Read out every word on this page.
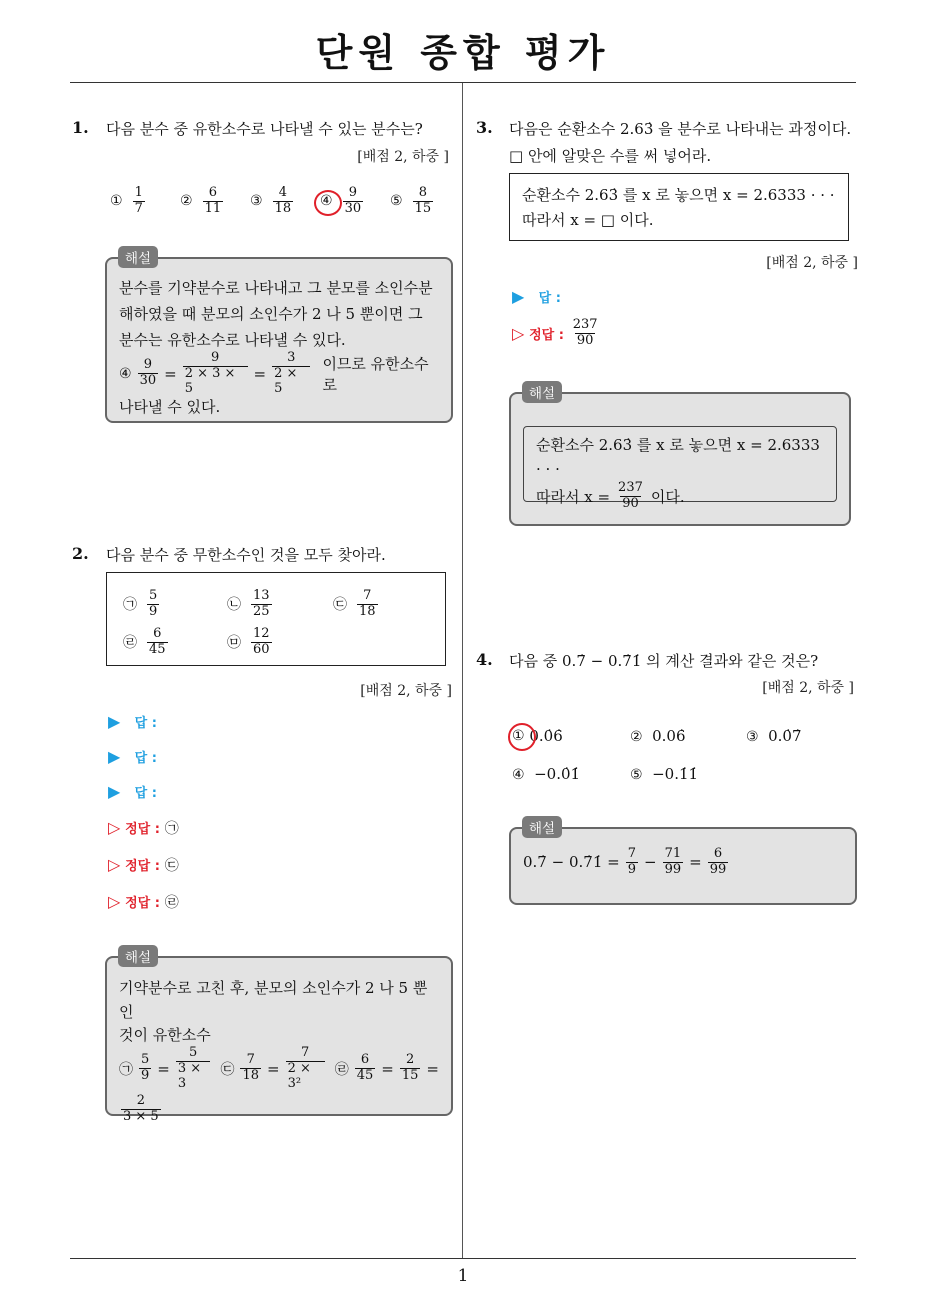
단원 종합 평가
1
1. 다음 분수 중 유한소수로 나타낼 수 있는 분수는?
[배점 2, 하중 ]
① $\frac{1}{7}$	② $\frac{6}{11}$ ③ $\frac{4}{18}$ ④ $\frac{9}{30}$ ⑤ $\frac{8}{15}$
분수를 기약분수로 나타내고 그 분모를 소인수분해하였을 때 분모의 소인수가 2 나 5 뿐이면 그 분수는 유한소수로 나타낼 수 있다.
④ $\frac{9}{30} = \frac{9}{2 \times 3 \times 5} = \frac{3}{2 \times 5}$ 이므로 유한소수로
나타낼 수 있다.
해설
2. 다음 분수 중 무한소수인 것을 모두 찾아라.
㉠ $\frac{5}{9}$	㉡ $\frac{13}{25}$	㉢ $\frac{7}{18}$
㉣ $\frac{6}{45}$	㉤ $\frac{12}{60}$
[배점 2, 하중 ]
▶ 답 :
▶ 답 :
▶ 답 :
▷ 정답 : ㉠
▷ 정답 : ㉢
▷ 정답 : ㉣
기약분수로 고친 후, 분모의 소인수가 2 나 5 뿐인
것이 유한소수
㉠ $\frac{5}{9} = \frac{5}{3 \times 3}$ ㉢ $\frac{7}{18} = \frac{7}{\text{2 × 3²}}$ ㉣ $\frac{6}{45} = \frac{2}{15}$ =
$\frac{2}{3 \times 5}$
해설
3. 다음은 순환소수 2.63̇ 을 분수로 나타내는 과정이다.
□ 안에 알맞은 수를 써 넣어라.
순환소수 2.63̇ 를 x 로 놓으면 x = 2.6333 · · ·
따라서 x = □ 이다.
[배점 2, 하중 ]
▶ 답 :
▷
정답 :
$\frac{237}{90}$
순환소수 2.63̇ 를 x 로 놓으면 x = 2.6333 · · ·
따라서 $x = \frac{237}{90}$ 이다.
해설
4. 다음 중 0.7̇ − 0.7̇1̇ 의 계산 결과와 같은 것은?
[배점 2, 하중 ]
①
0.0̇6̇	② 0.06̇	③ 0.0̇7̇
④ −0.0̇1̇	⑤ −0.1̇1̇
0.7̇ − 0.7̇1̇ = $\frac{7}{9} - \frac{71}{99} = \frac{6}{99}$
해설
